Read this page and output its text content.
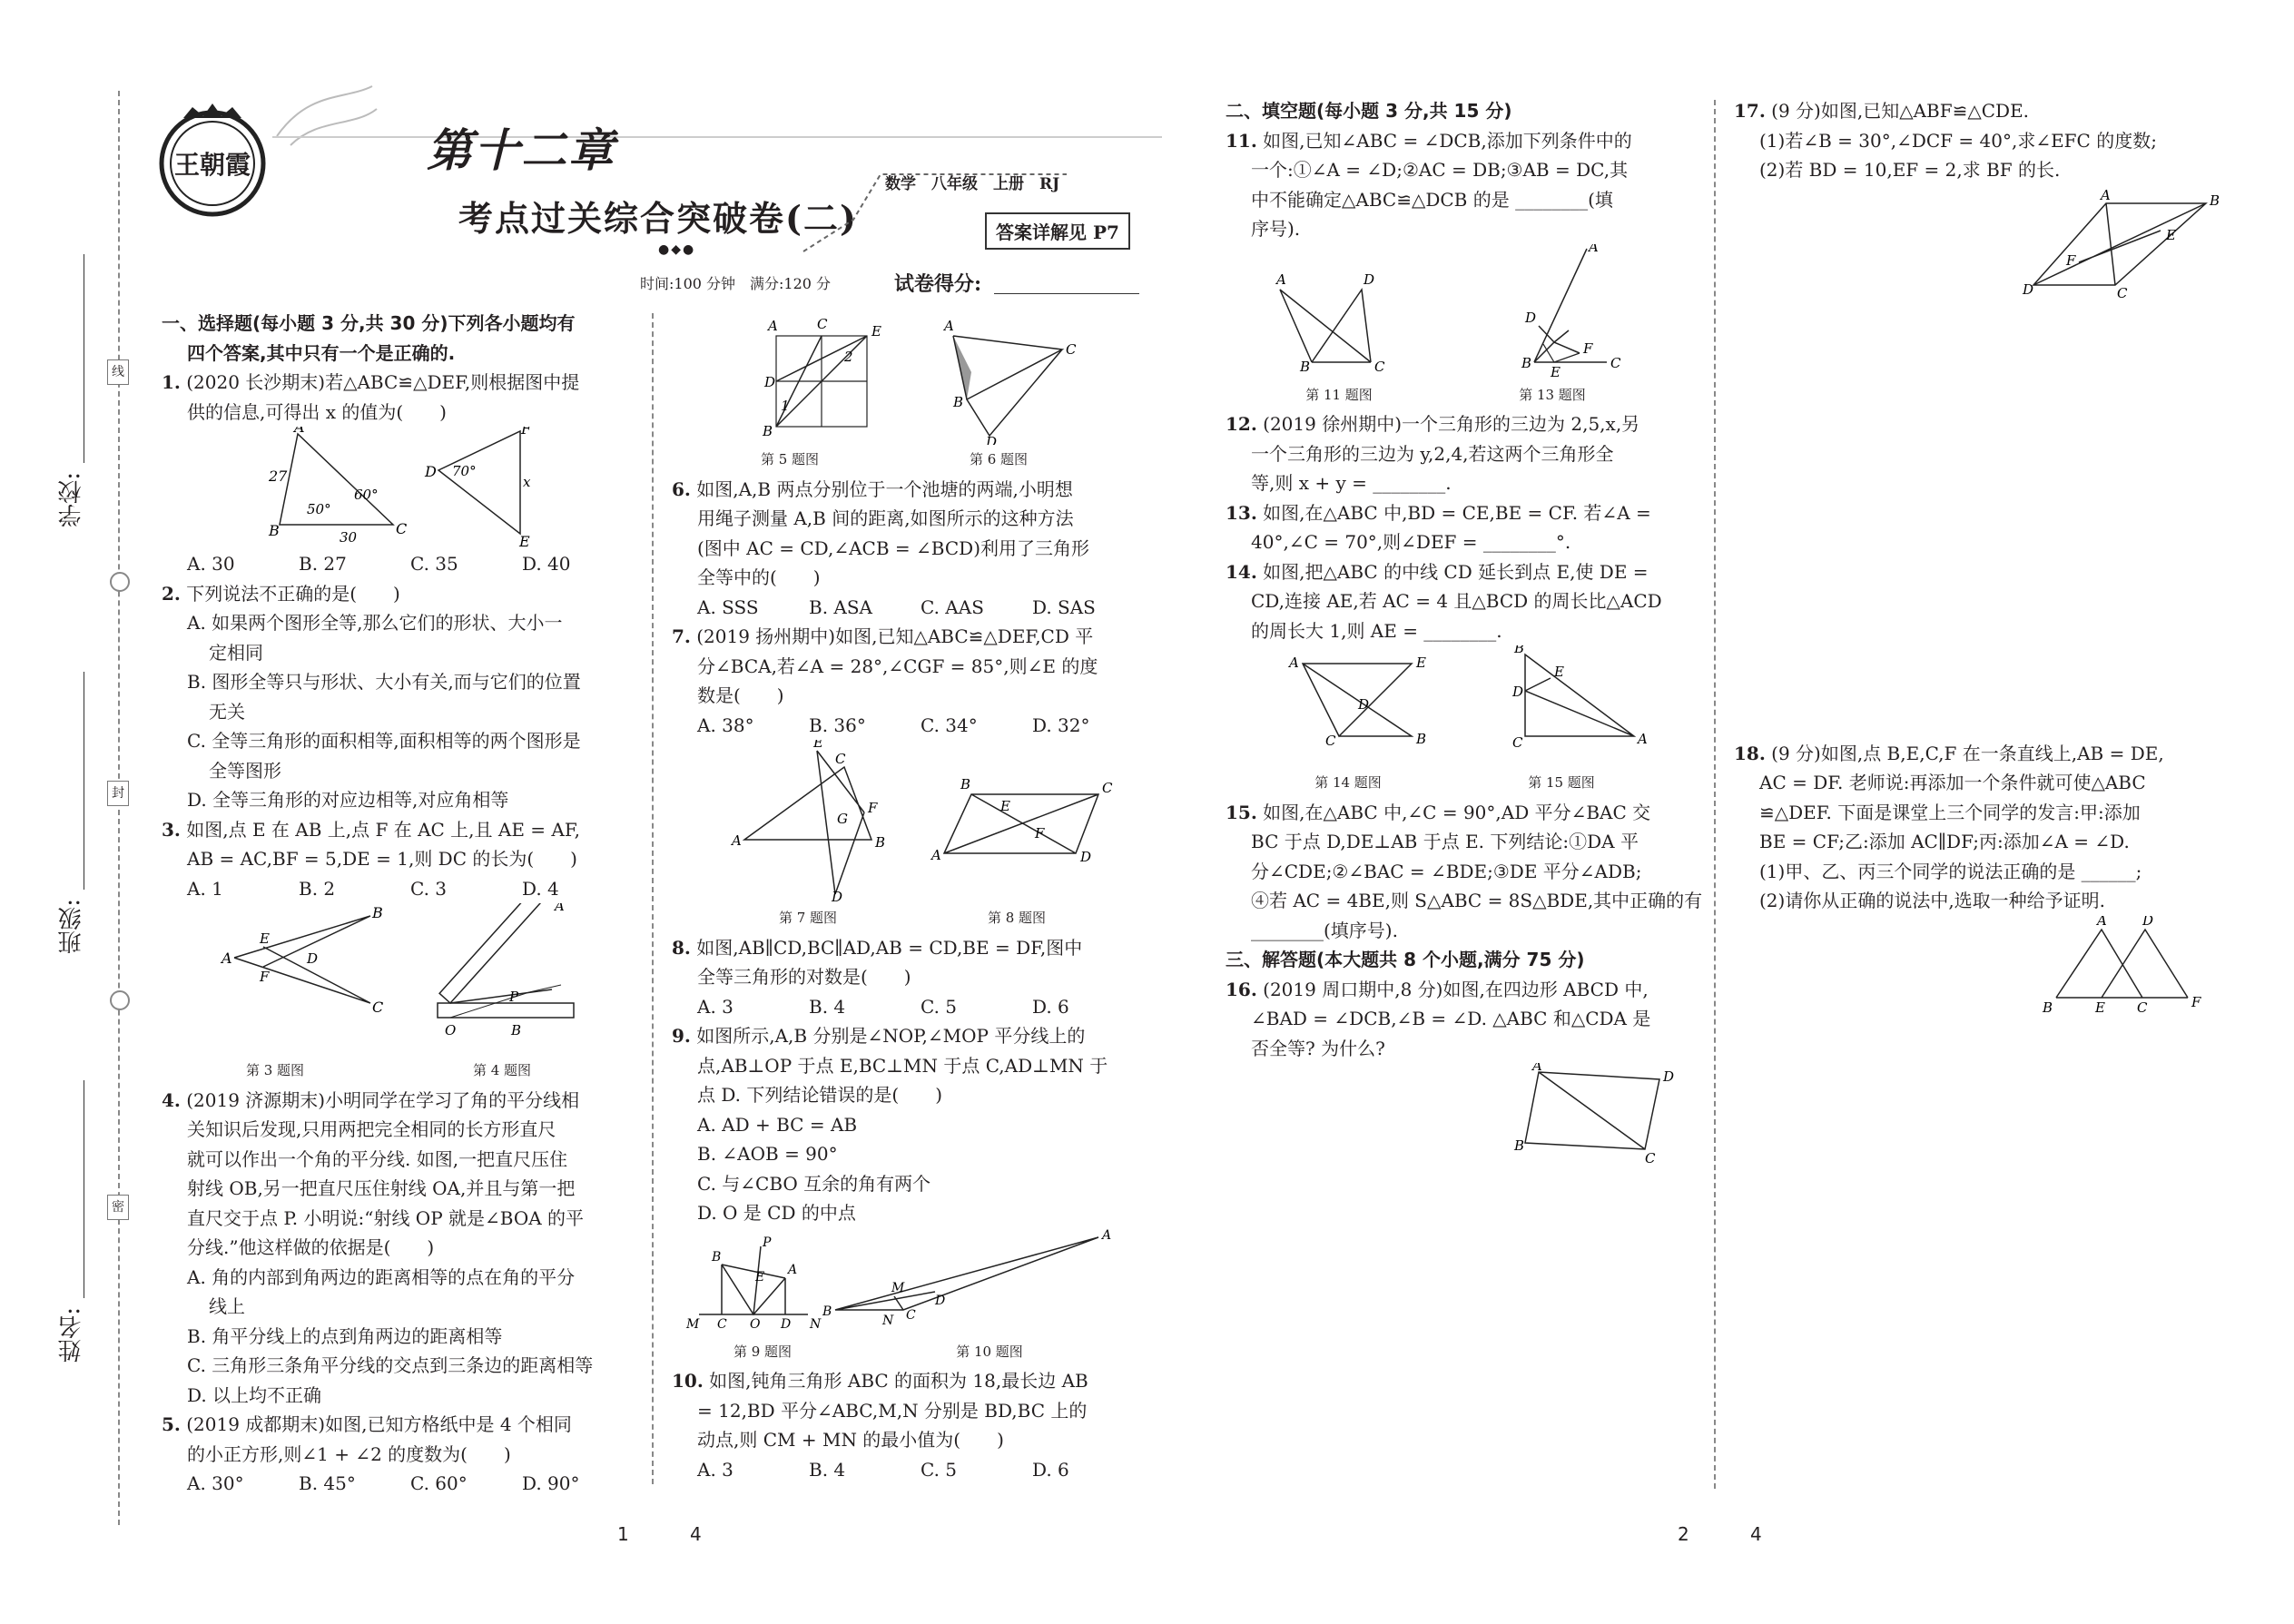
学校:
班级:
姓名:
线
封
密
王朝霞	第十二章
考点过关综合突破卷(二)
数学　八年级　上册　RJ
答案详解见 P7
●◆●
时间:100 分钟　满分:120 分	试卷得分:

一、选择题(每小题 3 分,共 30 分)下列各小题均有

四个答案,其中只有一个是正确的.

1. (2020 长沙期末)若△ABC≌△DEF,则根据图中提

供的信息,可得出 x 的值为(　　)

A
B	C
27
50°
60°
30
D
F
E
70°
x
A. 30	B. 27	C. 35	D. 40

2. 下列说法不正确的是(　　)

A. 如果两个图形全等,那么它们的形状、大小一

定相同

B. 图形全等只与形状、大小有关,而与它们的位置

无关

C. 全等三角形的面积相等,面积相等的两个图形是

全等图形

D. 全等三角形的对应边相等,对应角相等

3. 如图,点 E 在 AB 上,点 F 在 AC 上,且 AE = AF,

AB = AC,BF = 5,DE = 1,则 DC 的长为(　　)

A. 1	B. 2	C. 3	D. 4
A
B
C
E
F
D
O	B
A
P
第 3 题图	第 4 题图

4. (2019 济源期末)小明同学在学习了角的平分线相

关知识后发现,只用两把完全相同的长方形直尺

就可以作出一个角的平分线. 如图,一把直尺压住

射线 OB,另一把直尺压住射线 OA,并且与第一把

直尺交于点 P. 小明说:“射线 OP 就是∠BOA 的平

分线.”他这样做的依据是(　　)

A. 角的内部到角两边的距离相等的点在角的平分

线上

B. 角平分线上的点到角两边的距离相等

C. 三角形三条角平分线的交点到三条边的距离相等

D. 以上均不正确

5. (2019 成都期末)如图,已知方格纸中是 4 个相同

的小正方形,则∠1 + ∠2 的度数为(　　)

A. 30°	B. 45°	C. 60°	D. 90°
A	C	E
D
B
2
1
A
C
B
D
第 5 题图	第 6 题图

6. 如图,A,B 两点分别位于一个池塘的两端,小明想

用绳子测量 A,B 间的距离,如图所示的这种方法

(图中 AC = CD,∠ACB = ∠BCD)利用了三角形

全等中的(　　)

A. SSS	B. ASA	C. AAS	D. SAS

7. (2019 扬州期中)如图,已知△ABC≌△DEF,CD 平

分∠BCA,若∠A = 28°,∠CGF = 85°,则∠E 的度

数是(　　)

A. 38°	B. 36°	C. 34°	D. 32°
A
C
B
E
F
D
G
A
B	C
D
E
F
第 7 题图	第 8 题图

8. 如图,AB∥CD,BC∥AD,AB = CD,BE = DF,图中

全等三角形的对数是(　　)

A. 3	B. 4	C. 5	D. 6

9. 如图所示,A,B 分别是∠NOP,∠MOP 平分线上的

点,AB⊥OP 于点 E,BC⊥MN 于点 C,AD⊥MN 于

点 D. 下列结论错误的是(　　)

A. AD + BC = AB

B. ∠AOB = 90°

C. 与∠CBO 互余的角有两个

D. O 是 CD 的中点

M C O D N
B
P
A
E
B
A
C
D
M
N
第 9 题图	第 10 题图

10. 如图,钝角三角形 ABC 的面积为 18,最长边 AB

= 12,BD 平分∠ABC,M,N 分别是 BD,BC 上的

动点,则 CM + MN 的最小值为(　　)

A. 3	B. 4	C. 5	D. 6

二、填空题(每小题 3 分,共 15 分)

11. 如图,已知∠ABC = ∠DCB,添加下列条件中的

一个:①∠A = ∠D;②AC = DB;③AB = DC,其

中不能确定△ABC≌△DCB 的是 ________(填

序号).

B	C
A	D
B	C
A
D
F
E
第 11 题图	第 13 题图

12. (2019 徐州期中)一个三角形的三边为 2,5,x,另

一个三角形的三边为 y,2,4,若这两个三角形全

等,则 x + y = ________.

13. 如图,在△ABC 中,BD = CE,BE = CF. 若∠A =

40°,∠C = 70°,则∠DEF = ________°.

14. 如图,把△ABC 的中线 CD 延长到点 E,使 DE =

CD,连接 AE,若 AC = 4 且△BCD 的周长比△ACD

的周长大 1,则 AE = ________.

A	E
C	B
D
B
C	A
D
E
第 14 题图	第 15 题图

15. 如图,在△ABC 中,∠C = 90°,AD 平分∠BAC 交

BC 于点 D,DE⊥AB 于点 E. 下列结论:①DA 平

分∠CDE;②∠BAC = ∠BDE;③DE 平分∠ADB;

④若 AC = 4BE,则 S△ABC = 8S△BDE,其中正确的有

________(填序号).

三、解答题(本大题共 8 个小题,满分 75 分)

16. (2019 周口期中,8 分)如图,在四边形 ABCD 中,

∠BAD = ∠DCB,∠B = ∠D. △ABC 和△CDA 是

否全等? 为什么?

A
D
B
C

17. (9 分)如图,已知△ABF≌△CDE.

(1)若∠B = 30°,∠DCF = 40°,求∠EFC 的度数;

(2)若 BD = 10,EF = 2,求 BF 的长.

A	B
D	C
E
F

18. (9 分)如图,点 B,E,C,F 在一条直线上,AB = DE,

AC = DF. 老师说:再添加一个条件就可使△ABC

≌△DEF. 下面是课堂上三个同学的发言:甲:添加

BE = CF;乙:添加 AC∥DF;丙:添加∠A = ∠D.

(1)甲、乙、丙三个同学的说法正确的是 ______;

(2)请你从正确的说法中,选取一种给予证明.

B	E C	F
A	D
1	4	2	4
